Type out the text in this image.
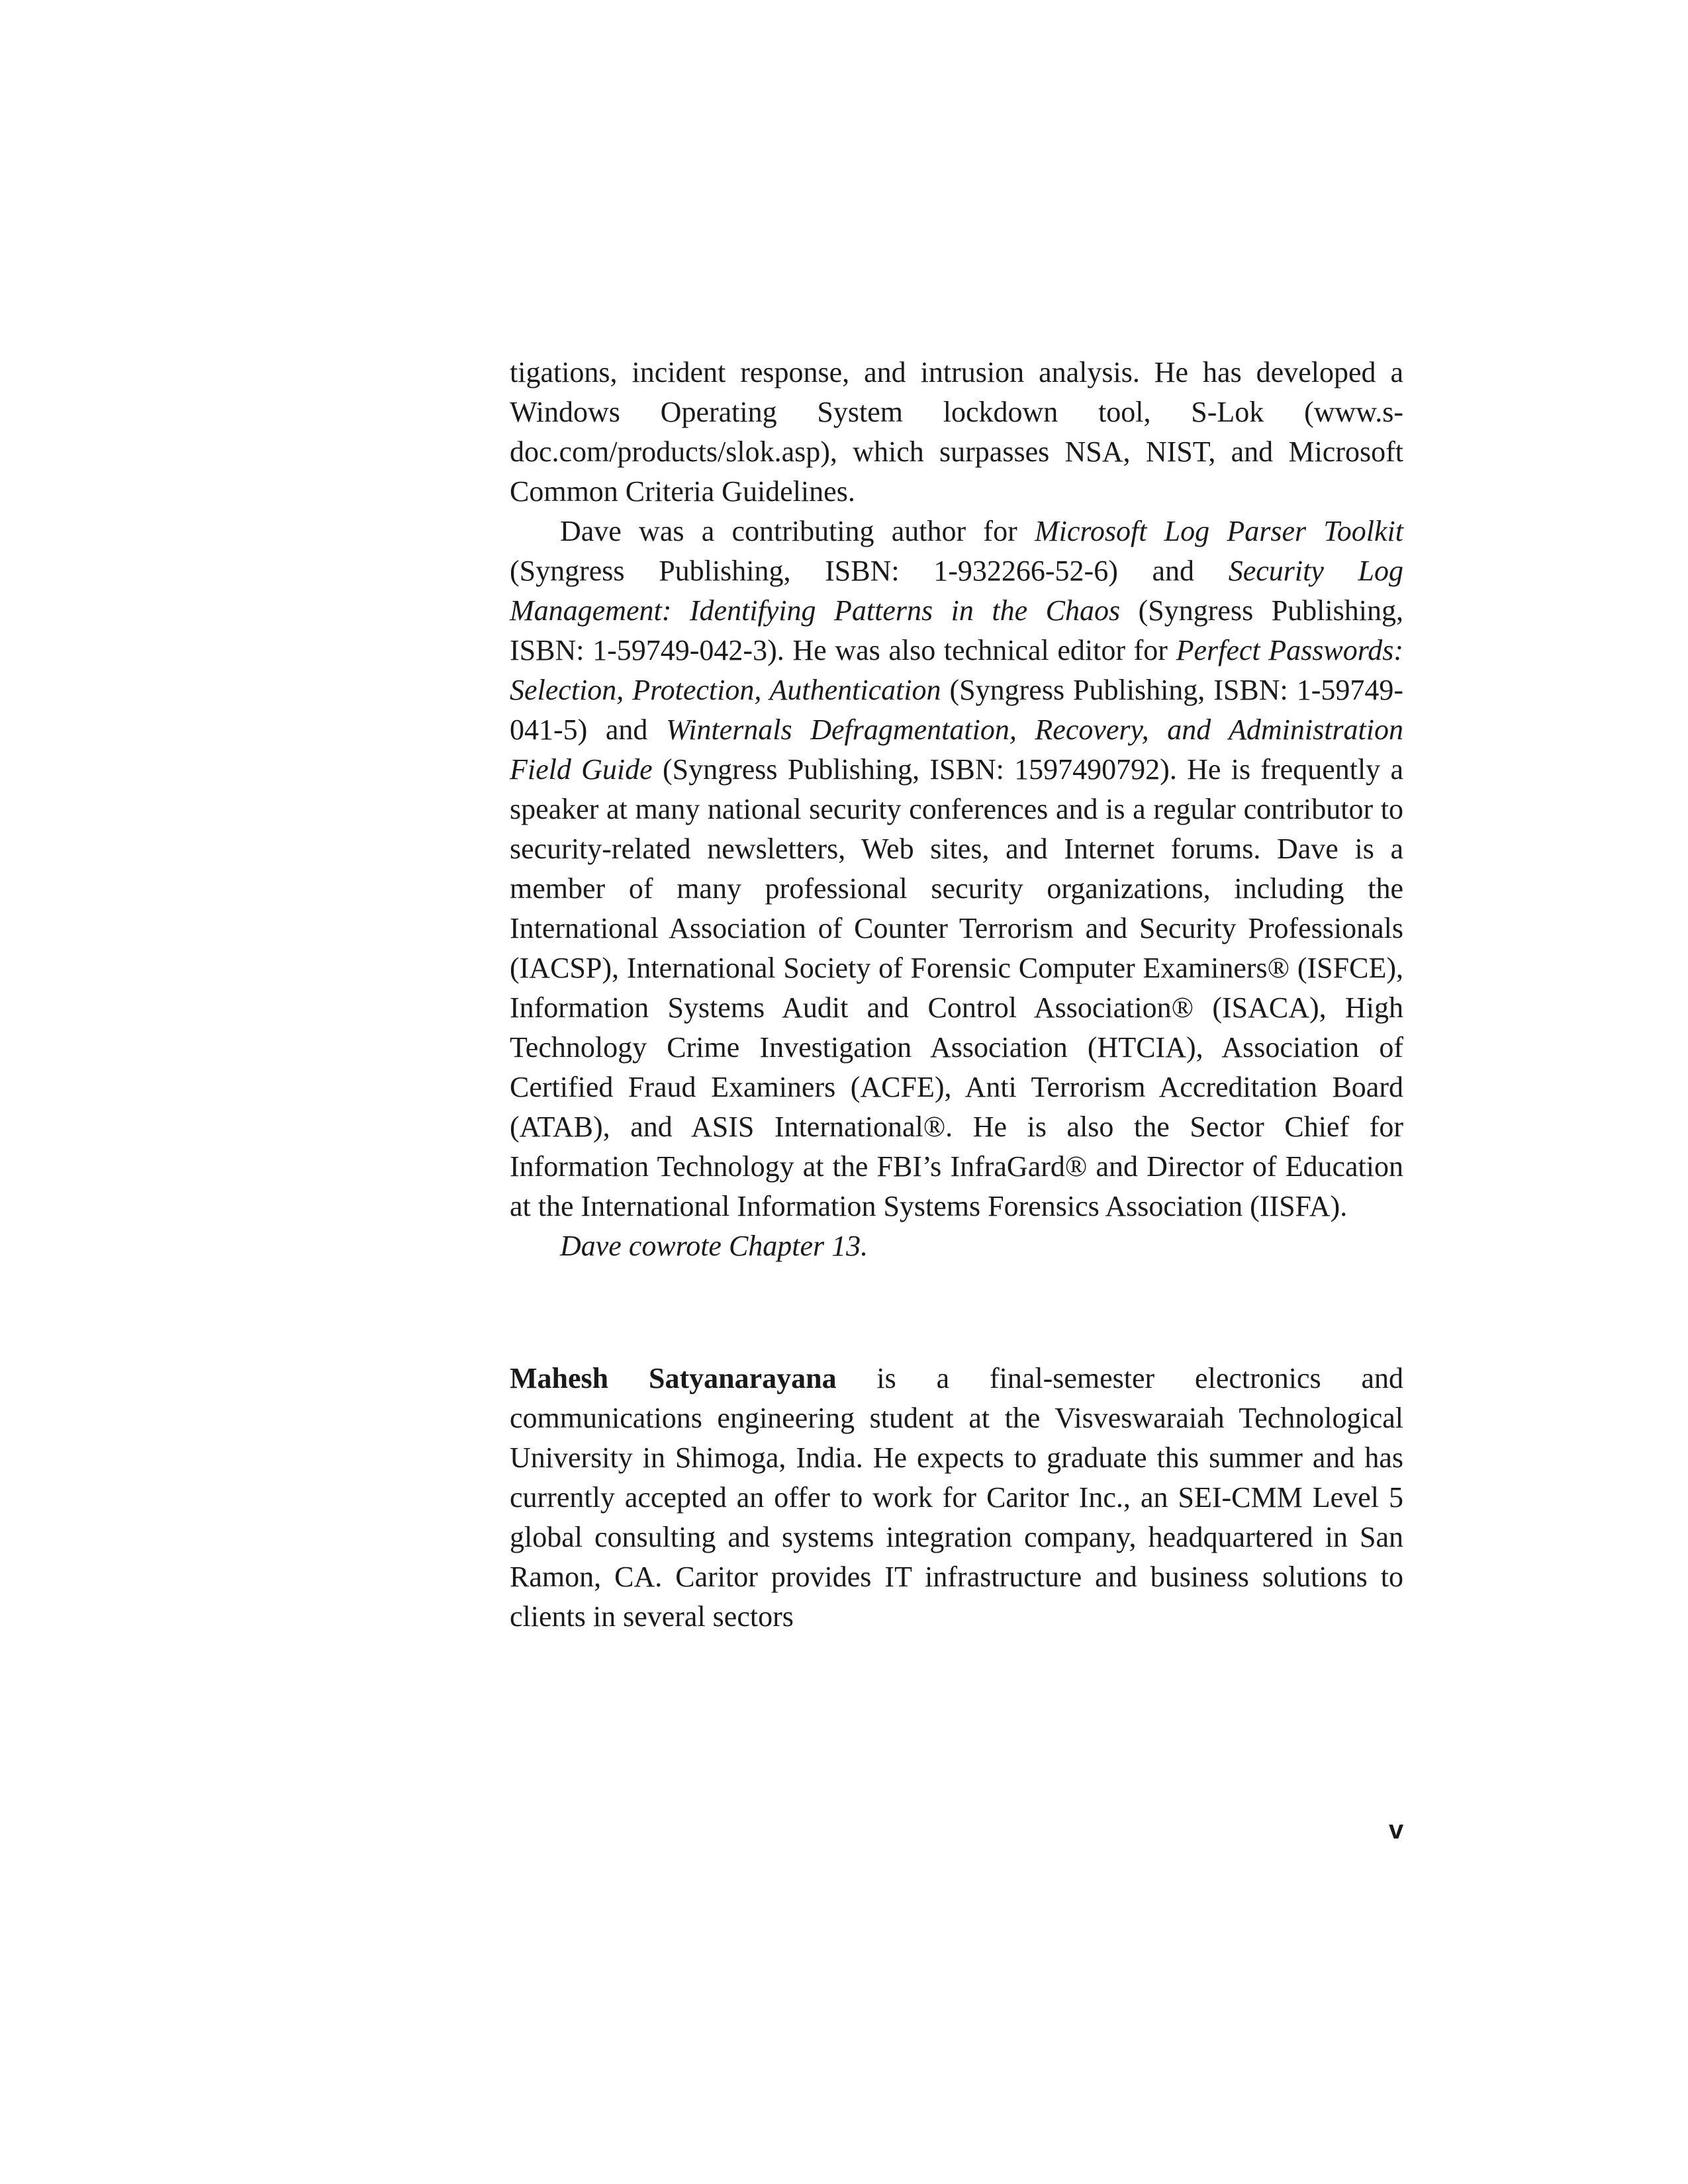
tigations, incident response, and intrusion analysis. He has developed a Windows Operating System lockdown tool, S-Lok (www.s-doc.com/products/slok.asp), which surpasses NSA, NIST, and Microsoft Common Criteria Guidelines.

Dave was a contributing author for Microsoft Log Parser Toolkit (Syngress Publishing, ISBN: 1-932266-52-6) and Security Log Management: Identifying Patterns in the Chaos (Syngress Publishing, ISBN: 1-59749-042-3). He was also technical editor for Perfect Passwords: Selection, Protection, Authentication (Syngress Publishing, ISBN: 1-59749-041-5) and Winternals Defragmentation, Recovery, and Administration Field Guide (Syngress Publishing, ISBN: 1597490792). He is frequently a speaker at many national security conferences and is a regular contributor to security-related newsletters, Web sites, and Internet forums. Dave is a member of many professional security organizations, including the International Association of Counter Terrorism and Security Professionals (IACSP), International Society of Forensic Computer Examiners® (ISFCE), Information Systems Audit and Control Association® (ISACA), High Technology Crime Investigation Association (HTCIA), Association of Certified Fraud Examiners (ACFE), Anti Terrorism Accreditation Board (ATAB), and ASIS International®. He is also the Sector Chief for Information Technology at the FBI’s InfraGard® and Director of Education at the International Information Systems Forensics Association (IISFA).

Dave cowrote Chapter 13.

Mahesh Satyanarayana is a final-semester electronics and communications engineering student at the Visveswaraiah Technological University in Shimoga, India. He expects to graduate this summer and has currently accepted an offer to work for Caritor Inc., an SEI-CMM Level 5 global consulting and systems integration company, headquartered in San Ramon, CA. Caritor provides IT infrastructure and business solutions to clients in several sectors

v
